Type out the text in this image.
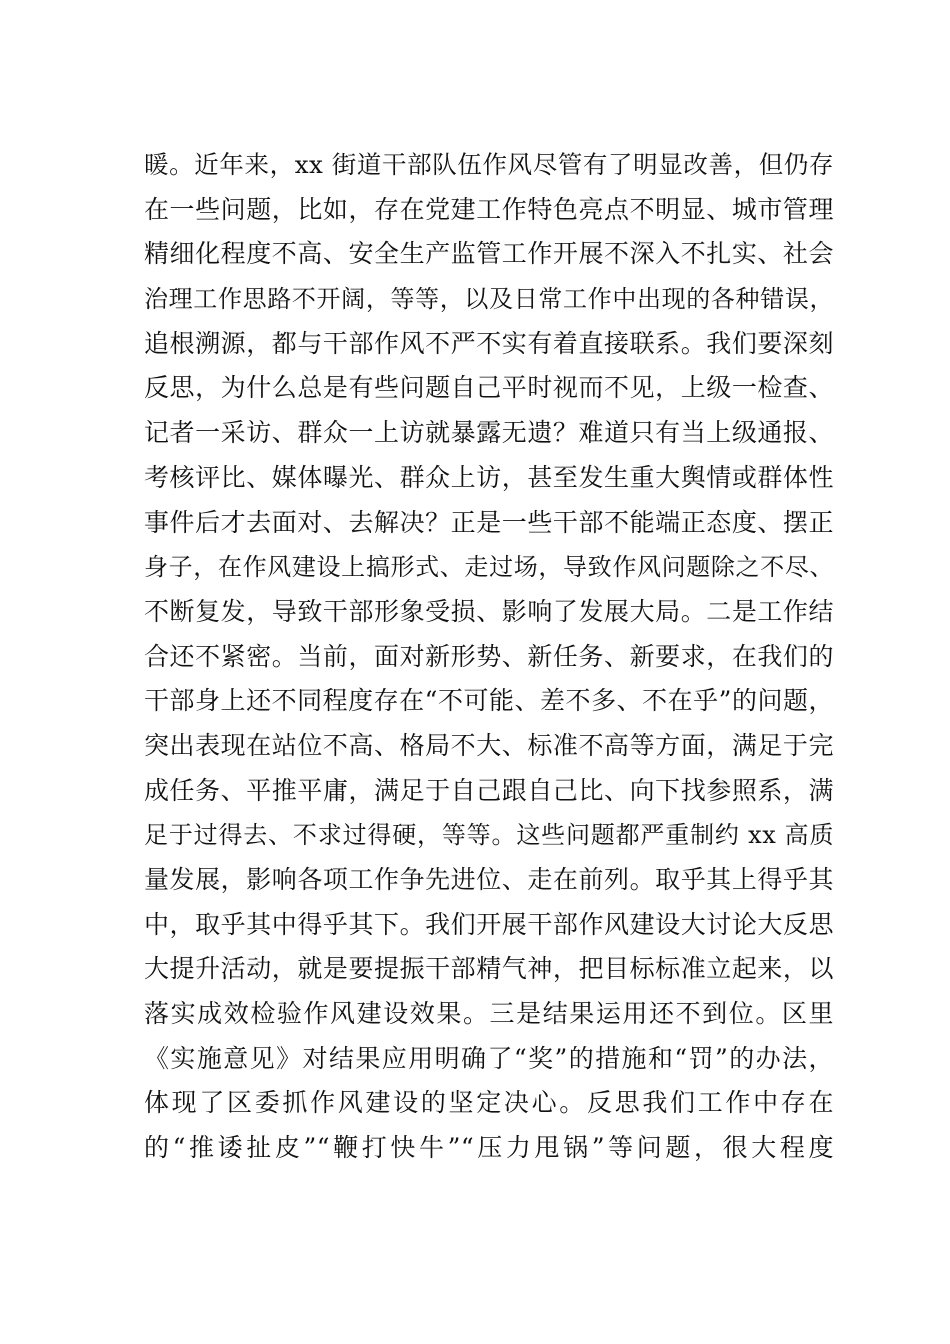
暖。近年来，xx 街道干部队伍作风尽管有了明显改善，但仍存
在一些问题，比如，存在党建工作特色亮点不明显、城市管理
精细化程度不高、安全生产监管工作开展不深入不扎实、社会
治理工作思路不开阔，等等，以及日常工作中出现的各种错误，
追根溯源，都与干部作风不严不实有着直接联系。我们要深刻
反思，为什么总是有些问题自己平时视而不见，上级一检查、
记者一采访、群众一上访就暴露无遗？难道只有当上级通报、
考核评比、媒体曝光、群众上访，甚至发生重大舆情或群体性
事件后才去面对、去解决？正是一些干部不能端正态度、摆正
身子，在作风建设上搞形式、走过场，导致作风问题除之不尽、
不断复发，导致干部形象受损、影响了发展大局。二是工作结
合还不紧密。当前，面对新形势、新任务、新要求，在我们的
干部身上还不同程度存在“不可能、差不多、不在乎”的问题，
突出表现在站位不高、格局不大、标准不高等方面，满足于完
成任务、平推平庸，满足于自己跟自己比、向下找参照系，满
足于过得去、不求过得硬，等等。这些问题都严重制约 xx 高质
量发展，影响各项工作争先进位、走在前列。取乎其上得乎其
中，取乎其中得乎其下。我们开展干部作风建设大讨论大反思
大提升活动，就是要提振干部精气神，把目标标准立起来，以
落实成效检验作风建设效果。三是结果运用还不到位。区里
《实施意见》对结果应用明确了“奖”的措施和“罚”的办法，
体现了区委抓作风建设的坚定决心。反思我们工作中存在
的“推诿扯皮”“鞭打快牛”“压力甩锅”等问题，很大程度
